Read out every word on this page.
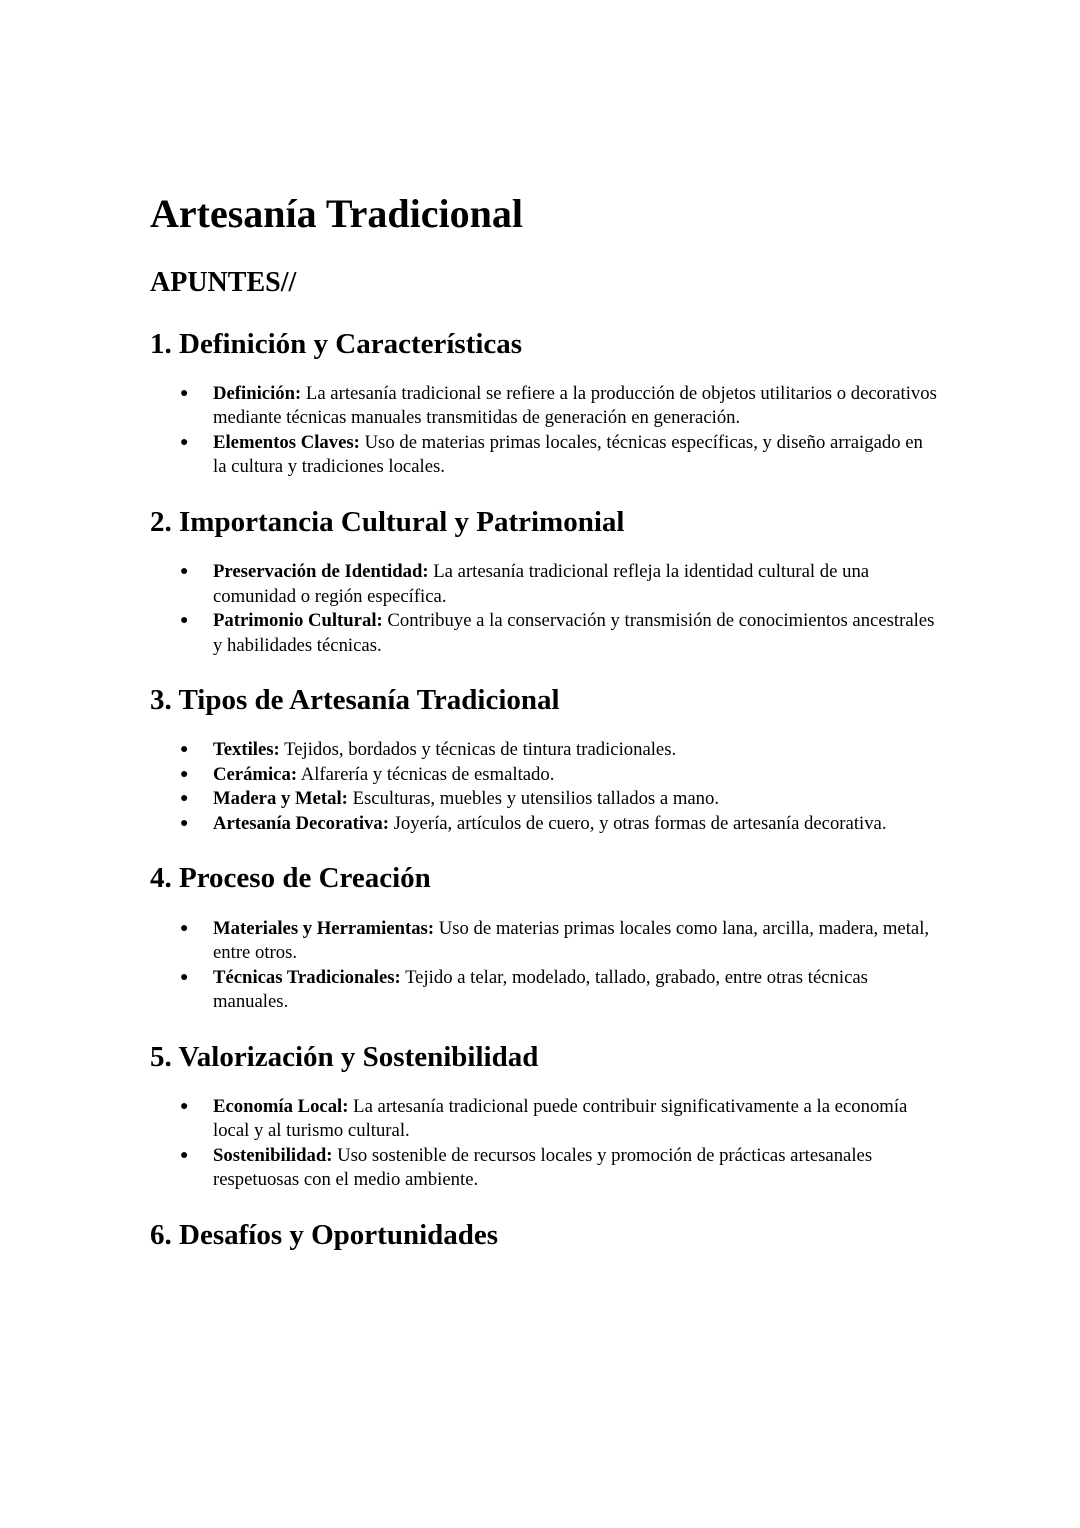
Artesanía Tradicional
APUNTES//
1. Definición y Características
● Definición: La artesanía tradicional se refiere a la producción de objetos utilitarios o decorativos mediante técnicas manuales transmitidas de generación en generación.
● Elementos Claves: Uso de materias primas locales, técnicas específicas, y diseño arraigado en la cultura y tradiciones locales.
2. Importancia Cultural y Patrimonial
● Preservación de Identidad: La artesanía tradicional refleja la identidad cultural de una comunidad o región específica.
● Patrimonio Cultural: Contribuye a la conservación y transmisión de conocimientos ancestrales y habilidades técnicas.
3. Tipos de Artesanía Tradicional
● Textiles: Tejidos, bordados y técnicas de tintura tradicionales.
● Cerámica: Alfarería y técnicas de esmaltado.
● Madera y Metal: Esculturas, muebles y utensilios tallados a mano.
● Artesanía Decorativa: Joyería, artículos de cuero, y otras formas de artesanía decorativa.
4. Proceso de Creación
● Materiales y Herramientas: Uso de materias primas locales como lana, arcilla, madera, metal, entre otros.
● Técnicas Tradicionales: Tejido a telar, modelado, tallado, grabado, entre otras técnicas manuales.
5. Valorización y Sostenibilidad
● Economía Local: La artesanía tradicional puede contribuir significativamente a la economía local y al turismo cultural.
● Sostenibilidad: Uso sostenible de recursos locales y promoción de prácticas artesanales respetuosas con el medio ambiente.
6. Desafíos y Oportunidades
